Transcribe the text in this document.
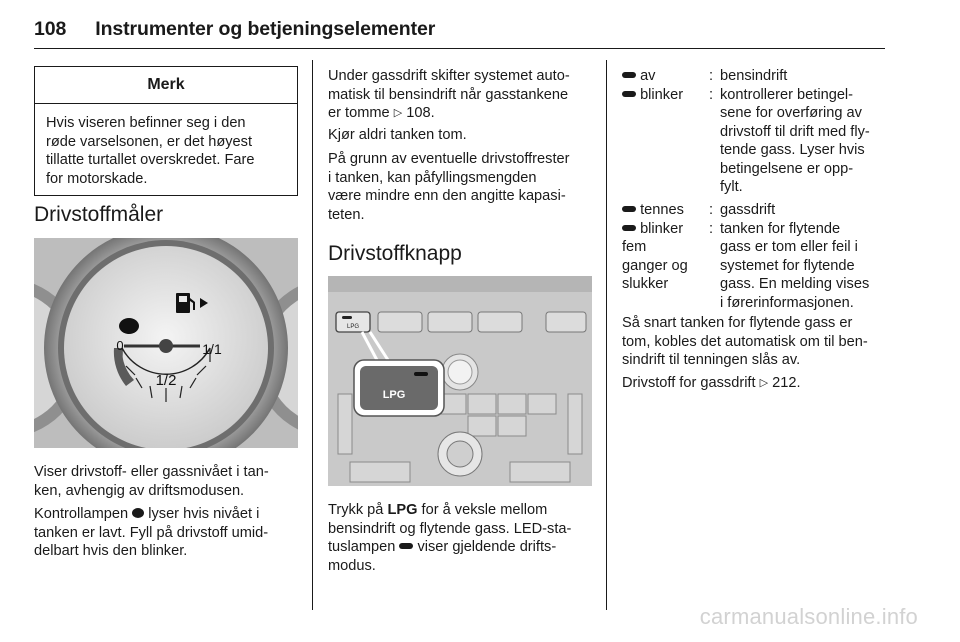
108 Instrumenter og betjeningselementer
Merk
Hvis viseren befinner seg i den
røde varselsonen, er det høyest
tillatte turtallet overskredet. Fare
for motorskade.
Drivstoffmåler
0
1/2
1/1
Viser drivstoff- eller gassnivået i tan-
ken, avhengig av driftsmodusen.
Kontrollampen lyser hvis nivået i
tanken er lavt. Fyll på drivstoff umid-
delbart hvis den blinker.
Under gassdrift skifter systemet auto-
matisk til bensindrift når gasstankene
er tomme ▷ 108.
Kjør aldri tanken tom.
På grunn av eventuelle drivstoffrester
i tanken, kan påfyllingsmengden
være mindre enn den angitte kapasi-
teten.
Drivstoffknapp
LPG
LPG
Trykk på LPG for å veksle mellom
bensindrift og flytende gass. LED-sta-
tuslampen viser gjeldende drifts-
modus.
av	: bensindrift
blinker	: kontrollerer betingel-
sene for overføring av
drivstoff til drift med fly-
tende gass. Lyser hvis
betingelsene er opp-
fylt.
tennes	: gassdrift
blinker
fem
ganger og
slukker
: tanken for flytende
gass er tom eller feil i
systemet for flytende
gass. En melding vises
i førerinformasjonen.
Så snart tanken for flytende gass er
tom, kobles det automatisk om til ben-
sindrift til tenningen slås av.
Drivstoff for gassdrift ▷ 212.
carmanualsonline.info
